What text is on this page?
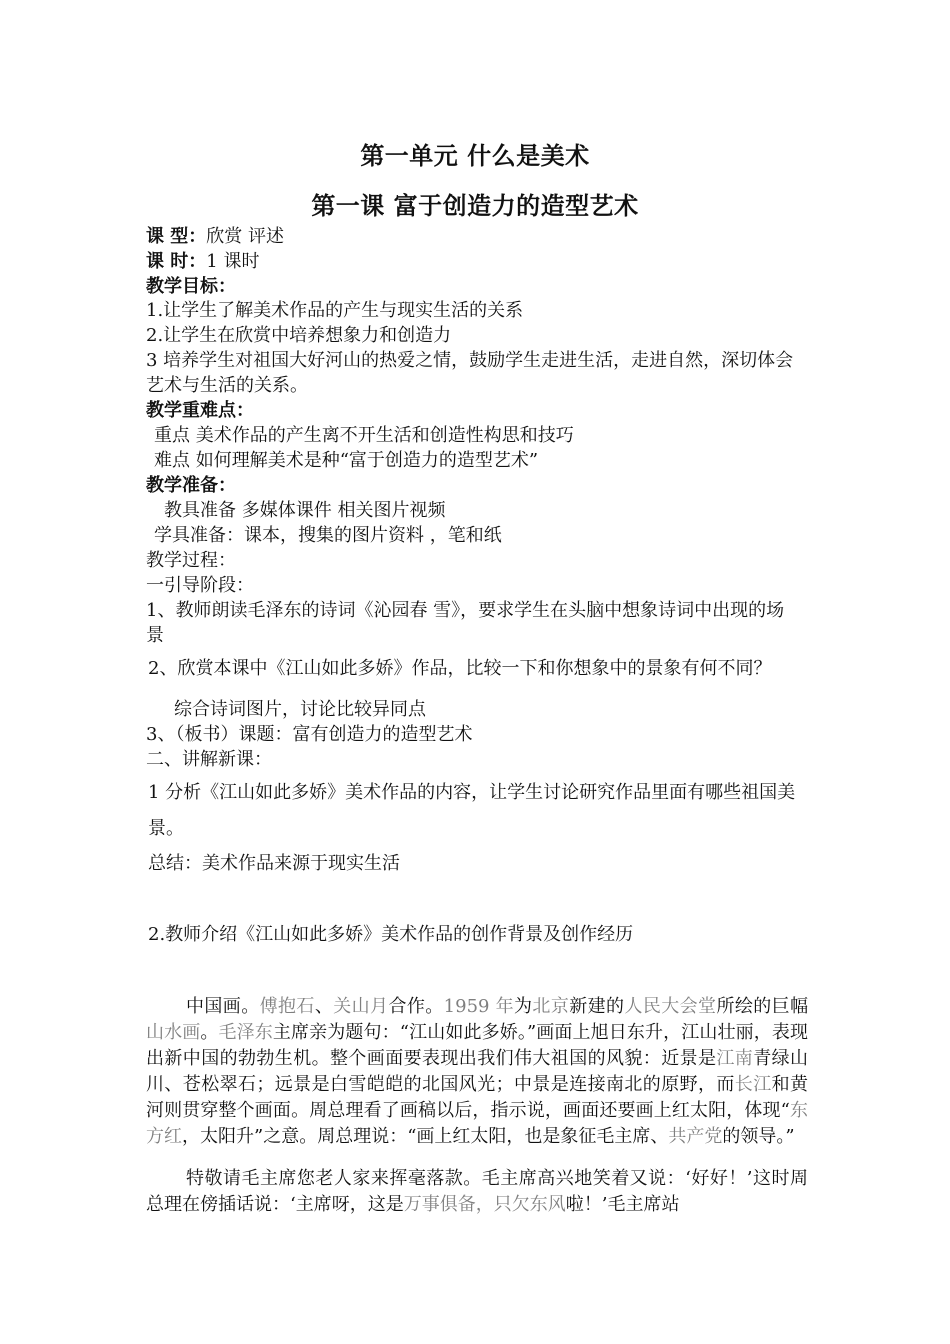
第一单元 什么是美术
第一课 富于创造力的造型艺术
课 型：欣赏 评述
课 时：1 课时
教学目标：
1.让学生了解美术作品的产生与现实生活的关系
2.让学生在欣赏中培养想象力和创造力
3 培养学生对祖国大好河山的热爱之情，鼓励学生走进生活，走进自然，深切体会
艺术与生活的关系。
教学重难点：
重点 美术作品的产生离不开生活和创造性构思和技巧
难点 如何理解美术是种“富于创造力的造型艺术”
教学准备：
教具准备 多媒体课件 相关图片视频
学具准备：课本，搜集的图片资料 ，笔和纸
教学过程：
一引导阶段：
1、教师朗读毛泽东的诗词《沁园春 雪》，要求学生在头脑中想象诗词中出现的场
景
2、欣赏本课中《江山如此多娇》作品，比较一下和你想象中的景象有何不同？
综合诗词图片，讨论比较异同点
3、（板书）课题：富有创造力的造型艺术
二、讲解新课：
1 分析《江山如此多娇》美术作品的内容，让学生讨论研究作品里面有哪些祖国美
景。
总结：美术作品来源于现实生活
2.教师介绍《江山如此多娇》美术作品的创作背景及创作经历
中国画。傅抱石、关山月合作。1959 年为北京新建的人民大会堂所绘的巨幅山水画。毛泽东主席亲为题句：“江山如此多娇。”画面上旭日东升，江山壮丽，表现出新中国的勃勃生机。整个画面要表现出我们伟大祖国的风貌：近景是江南青绿山川、苍松翠石；远景是白雪皑皑的北国风光；中景是连接南北的原野，而长江和黄河则贯穿整个画面。周总理看了画稿以后，指示说，画面还要画上红太阳，体现“东方红，太阳升”之意。周总理说：“画上红太阳，也是象征毛主席、共产党的领导。”
特敬请毛主席您老人家来挥毫落款。毛主席高兴地笑着又说：‘好好！’这时周总理在傍插话说：‘主席呀，这是万事俱备，只欠东风啦！’毛主席站
